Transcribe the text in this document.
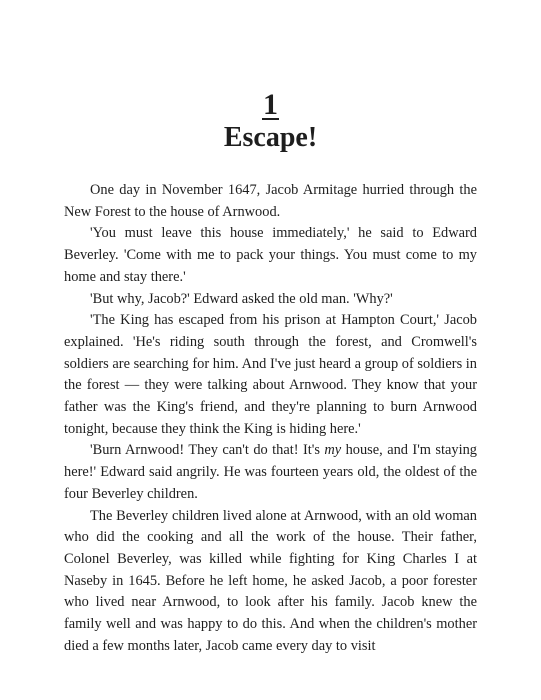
1
Escape!

One day in November 1647, Jacob Armitage hurried through the New Forest to the house of Arnwood.

'You must leave this house immediately,' he said to Edward Beverley. 'Come with me to pack your things. You must come to my home and stay there.'

'But why, Jacob?' Edward asked the old man. 'Why?'

'The King has escaped from his prison at Hampton Court,' Jacob explained. 'He's riding south through the forest, and Cromwell's soldiers are searching for him. And I've just heard a group of soldiers in the forest — they were talking about Arnwood. They know that your father was the King's friend, and they're planning to burn Arnwood tonight, because they think the King is hiding here.'

'Burn Arnwood! They can't do that! It's my house, and I'm staying here!' Edward said angrily. He was fourteen years old, the oldest of the four Beverley children.

The Beverley children lived alone at Arnwood, with an old woman who did the cooking and all the work of the house. Their father, Colonel Beverley, was killed while fighting for King Charles I at Naseby in 1645. Before he left home, he asked Jacob, a poor forester who lived near Arnwood, to look after his family. Jacob knew the family well and was happy to do this. And when the children's mother died a few months later, Jacob came every day to visit
